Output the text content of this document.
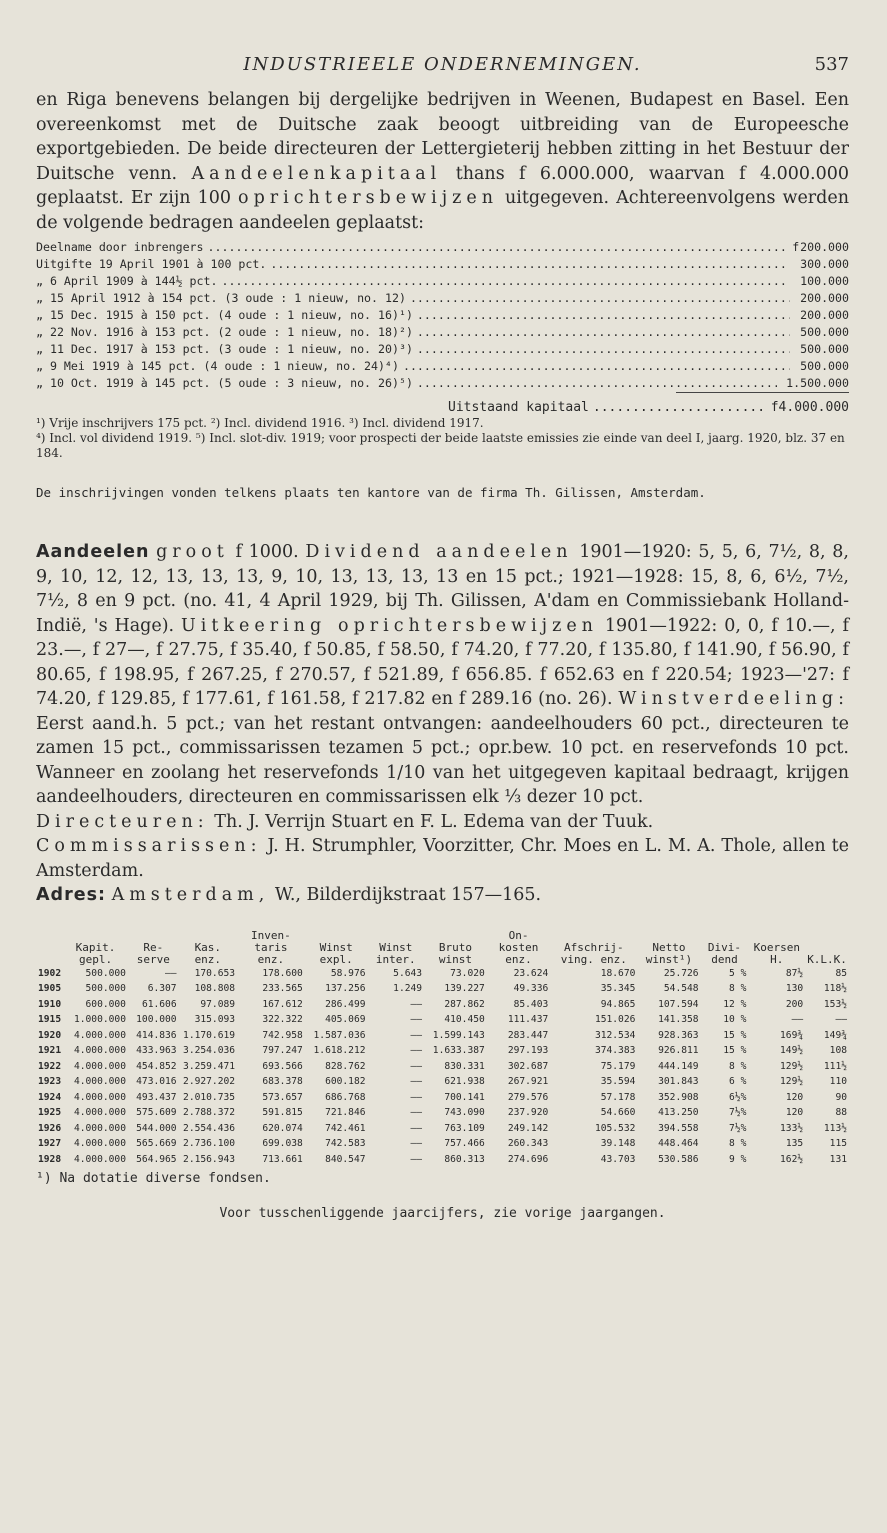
INDUSTRIEELE ONDERNEMINGEN.	537
en Riga benevens belangen bij dergelijke bedrijven in Weenen, Budapest en Basel. Een overeenkomst met de Duitsche zaak beoogt uitbreiding van de Europeesche exportgebieden. De beide directeuren der Lettergieterij hebben zitting in het Bestuur der Duitsche venn. Aandeelenkapitaal thans f 6.000.000, waarvan f 4.000.000 geplaatst. Er zijn 100 oprichtersbewijzen uitgegeven. Achtereenvolgens werden de volgende bedragen aandeelen geplaatst:
Deelname door inbrengers .....	f 200.000
Uitgifte 19 April 1901 à 100 pct. .....	300.000
„ 6 April 1909 à 144½ pct. .....	100.000
„ 15 April 1912 à 154 pct. (3 oude : 1 nieuw, no. 12) .....	200.000
„ 15 Dec. 1915 à 150 pct. (4 oude : 1 nieuw, no. 16)¹) .....	200.000
„ 22 Nov. 1916 à 153 pct. (2 oude : 1 nieuw, no. 18)²) .....	500.000
„ 11 Dec. 1917 à 153 pct. (3 oude : 1 nieuw, no. 20)³) .....	500.000
„ 9 Mei 1919 à 145 pct. (4 oude : 1 nieuw, no. 24)⁴) .....	500.000
„ 10 Oct. 1919 à 145 pct. (5 oude : 3 nieuw, no. 26)⁵) .....	1.500.000
Uitstaand kapitaal .....	f 4.000.000
¹) Vrije inschrijvers 175 pct. ²) Incl. dividend 1916. ³) Incl. dividend 1917.
⁴) Incl. vol dividend 1919. ⁵) Incl. slot-div. 1919; voor prospecti der beide laatste emissies zie einde van deel I, jaarg. 1920, blz. 37 en 184.
De inschrijvingen vonden telkens plaats ten kantore van de firma Th. Gilissen, Amsterdam.
Aandeelen groot f 1000. Dividend aandeelen 1901—1920: 5, 5, 6, 7½, 8, 8, 9, 10, 12, 12, 13, 13, 13, 9, 10, 13, 13, 13, 13 en 15 pct.; 1921—1928: 15, 8, 6, 6½, 7½, 7½, 8 en 9 pct. (no. 41, 4 April 1929, bij Th. Gilissen, A'dam en Commissiebank Holland-Indië, 's Hage). Uitkeering oprichtersbewijzen 1901—1922: 0, 0, f 10.—, f 23.—, f 27—, f 27.75, f 35.40, f 50.85, f 58.50, f 74.20, f 77.20, f 135.80, f 141.90, f 56.90, f 80.65, f 198.95, f 267.25, f 270.57, f 521.89, f 656.85. f 652.63 en f 220.54; 1923—'27: f 74.20, f 129.85, f 177.61, f 161.58, f 217.82 en f 289.16 (no. 26). Winstverdeeling: Eerst aand.h. 5 pct.; van het restant ontvangen: aandeelhouders 60 pct., directeuren te zamen 15 pct., commissarissen tezamen 5 pct.; opr.bew. 10 pct. en reservefonds 10 pct. Wanneer en zoolang het reservefonds 1/10 van het uitgegeven kapitaal bedraagt, krijgen aandeelhouders, directeuren en commissarissen elk ⅓ dezer 10 pct.
Directeuren: Th. J. Verrijn Stuart en F. L. Edema van der Tuuk.
Commissarissen: J. H. Strumphler, Voorzitter, Chr. Moes en L. M. A. Thole, allen te Amsterdam.
Adres: Amsterdam, W., Bilderdijkstraat 157—165.
	Kapit. gepl.	Re- serve	Kas. enz.	Inven- taris enz.	Winst expl.	Winst inter.	Bruto winst	On- kosten enz.	Afschrij- ving. enz.	Netto winst¹)	Divi- dend	Koersen H.	K.L.K.
1902	500.000	——	170.653	178.600	58.976	5.643	73.020	23.624	18.670	25.726	5 %	87½	85
1905	500.000	6.307	108.808	233.565	137.256	1.249	139.227	49.336	35.345	54.548	8 %	130	118½
1910	600.000	61.606	97.089	167.612	286.499	——	287.862	85.403	94.865	107.594	12 %	200	153½
1915	1.000.000	100.000	315.093	322.322	405.069	——	410.450	111.437	151.026	141.358	10 %	——	——
1920	4.000.000	414.836	1.170.619	742.958	1.587.036	——	1.599.143	283.447	312.534	928.363	15 %	169¾	149¾
1921	4.000.000	433.963	3.254.036	797.247	1.618.212	——	1.633.387	297.193	374.383	926.811	15 %	149½	108
1922	4.000.000	454.852	3.259.471	693.566	828.762	——	830.331	302.687	75.179	444.149	8 %	129½	111½
1923	4.000.000	473.016	2.927.202	683.378	600.182	——	621.938	267.921	35.594	301.843	6 %	129½	110
1924	4.000.000	493.437	2.010.735	573.657	686.768	——	700.141	279.576	57.178	352.908	6½%	120	90
1925	4.000.000	575.609	2.788.372	591.815	721.846	——	743.090	237.920	54.660	413.250	7½%	120	88
1926	4.000.000	544.000	2.554.436	620.074	742.461	——	763.109	249.142	105.532	394.558	7½%	133½	113½
1927	4.000.000	565.669	2.736.100	699.038	742.583	——	757.466	260.343	39.148	448.464	8 %	135	115
1928	4.000.000	564.965	2.156.943	713.661	840.547	——	860.313	274.696	43.703	530.586	9 %	162½	131
¹) Na dotatie diverse fondsen.
Voor tusschenliggende jaarcijfers, zie vorige jaargangen.
